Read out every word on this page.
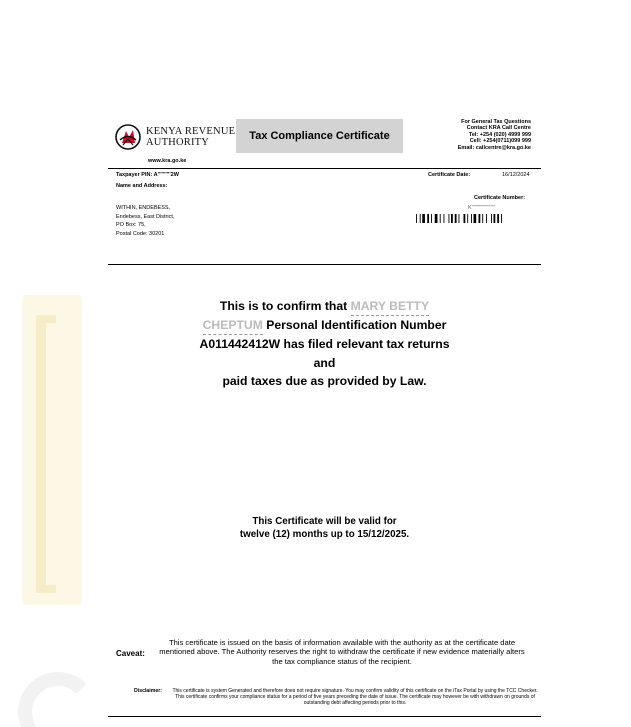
KENYA REVENUE
AUTHORITY
www.kra.go.ke
Tax Compliance Certificate
For General Tax Questions
Contact KRA Call Centre
Tel: +254 (020) 4999 999
Cell: +254(0711)099 999
Email: callcentre@kra.go.ke
Taxpayer PIN: A''''''''''2W
Name and Address:
WITHIN, ENDEBESS,
Endebess, East District,
PO Box: 75,
Postal Code: 30201
Certificate Date:	16/12/2024
Certificate Number:
K''''''''''''''''''''''
This is to confirm that MARY BETTY
CHEPTUM Personal Identification Number
A011442412W has filed relevant tax returns
and
paid taxes due as provided by Law.
This Certificate will be valid for
twelve (12) months up to 15/12/2025.
Caveat:
This certificate is issued on the basis of information available with the authority as at the certificate date mentioned above. The Authority reserves the right to withdraw the certificate if new evidence materially alters the tax compliance status of the recipient.
Disclaimer: This certificate is system Generated and therefore does not require signature. You may confirm validity of this certificate on the iTax Portal by using the TCC Checker. This certificate confirms your compliance status for a period of five years preceding the date of issue. The certificate may however be with withdrawn on grounds of outstanding debt affecting periods prior to this.
